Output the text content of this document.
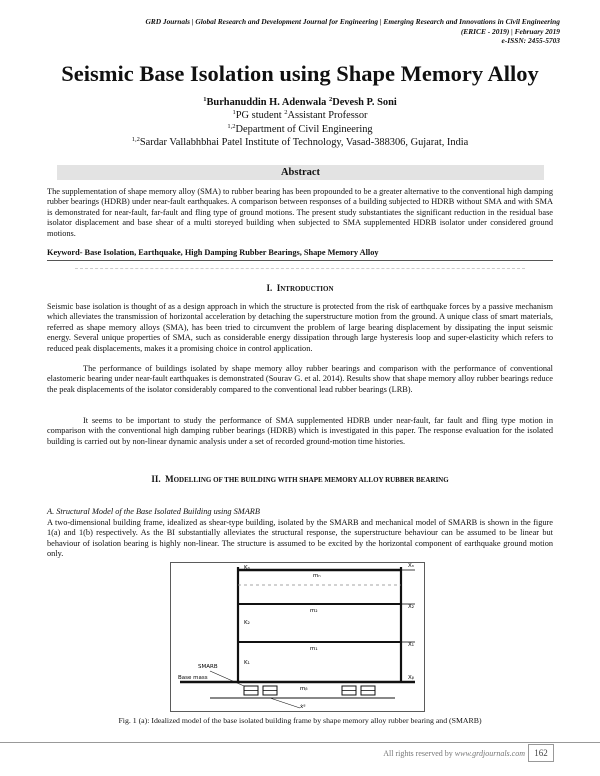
GRD Journals | Global Research and Development Journal for Engineering | Emerging Research and Innovations in Civil Engineering
(ERICE - 2019) | February 2019
e-ISSN: 2455-5703
Seismic Base Isolation using Shape Memory Alloy
$^1$Burhanuddin H. Adenwala $^2$Devesh P. Soni
$^1$PG student $^2$Assistant Professor
$^{1,2}$Department of Civil Engineering
$^{1,2}$Sardar Vallabhbhai Patel Institute of Technology, Vasad-388306, Gujarat, India
Abstract
The supplementation of shape memory alloy (SMA) to rubber bearing has been propounded to be a greater alternative to the conventional high damping rubber bearings (HDRB) under near-fault earthquakes. A comparison between responses of a building subjected to HDRB without SMA and with SMA is demonstrated for near-fault, far-fault and fling type of ground motions. The present study substantiates the significant reduction in the residual base isolator displacement and base shear of a multi storeyed building when subjected to SMA supplemented HDRB isolator under considered ground motions.
Keyword- Base Isolation, Earthquake, High Damping Rubber Bearings, Shape Memory Alloy
I. INTRODUCTION
Seismic base isolation is thought of as a design approach in which the structure is protected from the risk of earthquake forces by a passive mechanism which alleviates the transmission of horizontal acceleration by detaching the superstructure motion from the ground. A unique class of smart materials, referred as shape memory alloys (SMA), has been tried to circumvent the problem of large bearing displacement by dissipating the input seismic energy. Several unique properties of SMA, such as considerable energy dissipation through large hysteresis loop and super-elasticity which refers to reduced peak displacements, makes it a promising choice in control application.
The performance of buildings isolated by shape memory alloy rubber bearings and comparison with the performance of conventional elastomeric bearing under near-fault earthquakes is demonstrated (Sourav G. et al. 2014). Results show that shape memory alloy rubber bearings reduce the peak displacements of the isolator considerably compared to the conventional lead rubber bearings (LRB).
It seems to be important to study the performance of SMA supplemented HDRB under near-fault, far fault and fling type motion in comparison with the conventional high damping rubber bearings (HDRB) which is investigated in this paper. The response evaluation for the isolated building is carried out by non-linear dynamic analysis under a set of recorded ground-motion time histories.
II. MODELLING OF THE BUILDING WITH SHAPE MEMORY ALLOY RUBBER BEARING
A. Structural Model of the Base Isolated Building using SMARB
A two-dimensional building frame, idealized as shear-type building, isolated by the SMARB and mechanical model of SMARB is shown in the figure 1(a) and 1(b) respectively. As the BI substantially alleviates the structural response, the superstructure behaviour can be assumed to be linear but behaviour of isolation bearing is highly non-linear. The structure is assumed to be excited by the horizontal component of earthquake ground motion only.
Kₙ
mₙ
Xₙ
m₂
X₂
K₂
X₁
m₁
K₁
SMARB
Base mass
mᵦ
Xᵦ
ẋᵍ
Fig. 1 (a): Idealized model of the base isolated building frame by shape memory alloy rubber bearing and (SMARB)
All rights reserved by www.grdjournals.com	162
